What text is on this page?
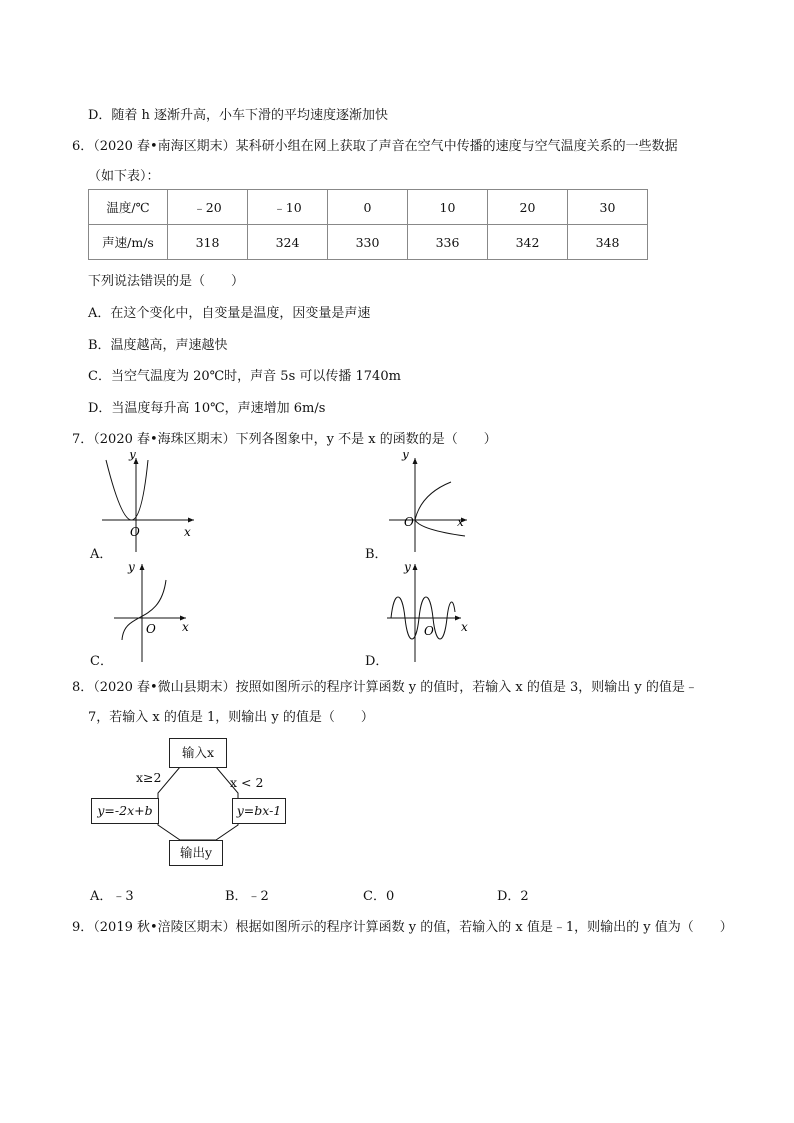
D．随着 h 逐渐升高，小车下滑的平均速度逐渐加快
6．（2020 春•南海区期末）某科研小组在网上获取了声音在空气中传播的速度与空气温度关系的一些数据
（如下表）：
温度/℃	﹣20	﹣10	0	10	20	30
声速/m/s	318	324	330	336	342	348
下列说法错误的是（　　）
A．在这个变化中，自变量是温度，因变量是声速
B．温度越高，声速越快
C．当空气温度为 20℃时，声音 5s 可以传播 1740m
D．当温度每升高 10℃，声速增加 6m/s
7．（2020 春•海珠区期末）下列各图象中，y 不是 x 的函数的是（　　）
y
x
O
A．
y
x
O
B．
y
x
O
C．
y
x
O
D．
8．（2020 春•微山县期末）按照如图所示的程序计算函数 y 的值时，若输入 x 的值是 3，则输出 y 的值是﹣
7，若输入 x 的值是 1，则输出 y 的值是（　　）
输入x
y=-2x+b	y=bx-1
输出y
x≥2	x < 2
A．﹣3	B．﹣2	C．0	D．2
9．（2019 秋•涪陵区期末）根据如图所示的程序计算函数 y 的值，若输入的 x 值是﹣1，则输出的 y 值为（　　）
